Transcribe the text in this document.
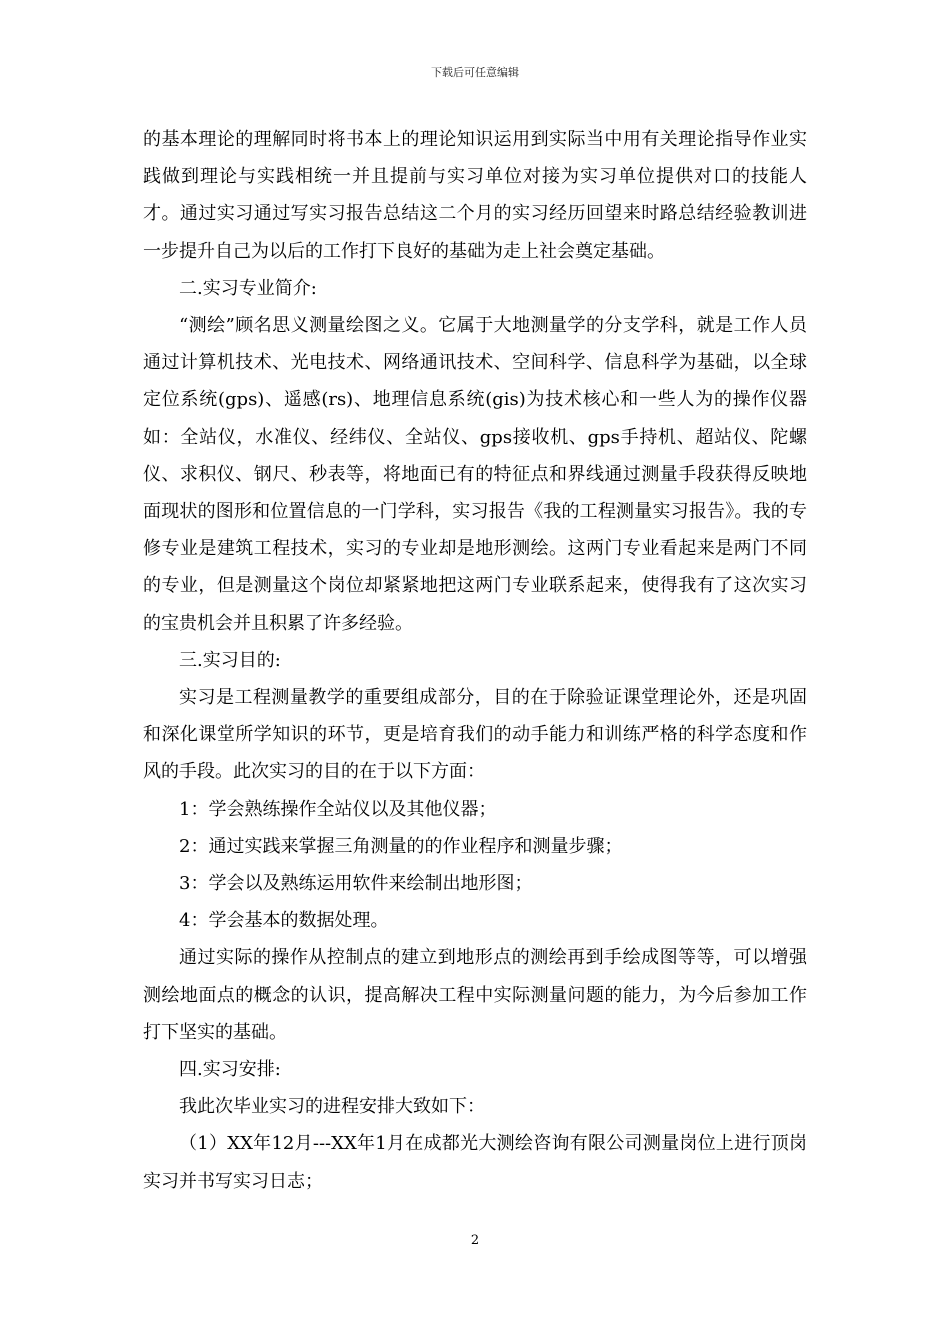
下载后可任意编辑

的基本理论的理解同时将书本上的理论知识运用到实际当中用有关理论指导作业实践做到理论与实践相统一并且提前与实习单位对接为实习单位提供对口的技能人才。通过实习通过写实习报告总结这二个月的实习经历回望来时路总结经验教训进一步提升自己为以后的工作打下良好的基础为走上社会奠定基础。

二.实习专业简介:

“测绘”顾名思义测量绘图之义。它属于大地测量学的分支学科，就是工作人员通过计算机技术、光电技术、网络通讯技术、空间科学、信息科学为基础，以全球定位系统(gps)、遥感(rs)、地理信息系统(gis)为技术核心和一些人为的操作仪器如：全站仪，水准仪、经纬仪、全站仪、gps接收机、gps手持机、超站仪、陀螺仪、求积仪、钢尺、秒表等，将地面已有的特征点和界线通过测量手段获得反映地面现状的图形和位置信息的一门学科，实习报告《我的工程测量实习报告》。我的专修专业是建筑工程技术，实习的专业却是地形测绘。这两门专业看起来是两门不同的专业，但是测量这个岗位却紧紧地把这两门专业联系起来，使得我有了这次实习的宝贵机会并且积累了许多经验。

三.实习目的:

实习是工程测量教学的重要组成部分，目的在于除验证课堂理论外，还是巩固和深化课堂所学知识的环节，更是培育我们的动手能力和训练严格的科学态度和作风的手段。此次实习的目的在于以下方面：

1：学会熟练操作全站仪以及其他仪器；

2：通过实践来掌握三角测量的的作业程序和测量步骤；

3：学会以及熟练运用软件来绘制出地形图；

4：学会基本的数据处理。

通过实际的操作从控制点的建立到地形点的测绘再到手绘成图等等，可以增强测绘地面点的概念的认识，提高解决工程中实际测量问题的能力，为今后参加工作打下坚实的基础。

四.实习安排:

我此次毕业实习的进程安排大致如下：

（1）XX年12月---XX年1月在成都光大测绘咨询有限公司测量岗位上进行顶岗实习并书写实习日志；

2
